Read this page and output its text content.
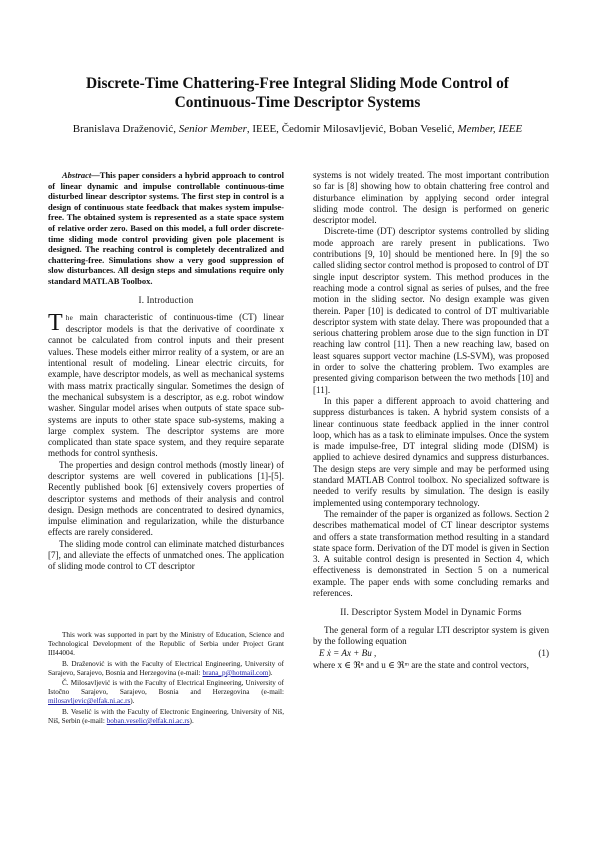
Discrete-Time Chattering-Free Integral Sliding Mode Control of Continuous-Time Descriptor Systems
Branislava Draženović, Senior Member, IEEE, Čedomir Milosavljević, Boban Veselić, Member, IEEE

Abstract—This paper considers a hybrid approach to control of linear dynamic and impulse controllable continuous-time disturbed linear descriptor systems. The first step in control is a design of continuous state feedback that makes system impulse-free. The obtained system is represented as a state space system of relative order zero. Based on this model, a full order discrete-time sliding mode control providing given pole placement is designed. The reaching control is completely decentralized and chattering-free. Simulations show a very good suppression of slow disturbances. All design steps and simulations require only standard MATLAB Toolbox.

I. Introduction

The main characteristic of continuous-time (CT) linear descriptor models is that the derivative of coordinate x cannot be calculated from control inputs and their present values. These models either mirror reality of a system, or are an intentional result of modeling. Linear electric circuits, for example, have descriptor models, as well as mechanical systems with mass matrix practically singular. Sometimes the design of the mechanical subsystem is a descriptor, as e.g. robot window washer. Singular model arises when outputs of state space sub-systems are inputs to other state space sub-systems, making a large complex system. The descriptor systems are more complicated than state space system, and they require separate methods for control synthesis.

The properties and design control methods (mostly linear) of descriptor systems are well covered in publications [1]-[5]. Recently published book [6] extensively covers properties of descriptor systems and methods of their analysis and control design. Design methods are concentrated to desired dynamics, impulse elimination and regularization, while the disturbance effects are rarely considered.

The sliding mode control can eliminate matched disturbances [7], and alleviate the effects of unmatched ones. The application of sliding mode control to CT descriptor

This work was supported in part by the Ministry of Education, Science and Technological Development of the Republic of Serbia under Project Grant III44004.

B. Draženović is with the Faculty of Electrical Engineering, University of Sarajevo, Sarajevo, Bosnia and Herzegovina (e-mail: brana_p@hotmail.com).

Č. Milosavljević is with the Faculty of Electrical Engineering, University of Istočno Sarajevo, Sarajevo, Bosnia and Herzegovina (e-mail: milosavljevic@elfak.ni.ac.rs).

B. Veselić is with the Faculty of Electronic Engineering, University of Niš, Niš, Serbin (e-mail: boban.veselic@elfak.ni.ac.rs).

systems is not widely treated. The most important contribution so far is [8] showing how to obtain chattering free control and disturbance elimination by applying second order integral sliding mode control. The design is performed on generic descriptor model.

Discrete-time (DT) descriptor systems controlled by sliding mode approach are rarely present in publications. Two contributions [9, 10] should be mentioned here. In [9] the so called sliding sector control method is proposed to control of DT single input descriptor system. This method produces in the reaching mode a control signal as series of pulses, and the free motion in the sliding sector. No design example was given therein. Paper [10] is dedicated to control of DT multivariable descriptor system with state delay. There was propounded that a serious chattering problem arose due to the sign function in DT reaching law control [11]. Then a new reaching law, based on least squares support vector machine (LS-SVM), was proposed in order to solve the chattering problem. Two examples are presented giving comparison between the two methods [10] and [11].

In this paper a different approach to avoid chattering and suppress disturbances is taken. A hybrid system consists of a linear continuous state feedback applied in the inner control loop, which has as a task to eliminate impulses. Once the system is made impulse-free, DT integral sliding mode (DISM) is applied to achieve desired dynamics and suppress disturbances. The design steps are very simple and may be performed using standard MATLAB Control toolbox. No specialized software is needed to verify results by simulation. The design is easily implemented using contemporary technology.

The remainder of the paper is organized as follows. Section 2 describes mathematical model of CT linear descriptor systems and offers a state transformation method resulting in a standard state space form. Derivation of the DT model is given in Section 3. A suitable control design is presented in Section 4, which effectiveness is demonstrated in Section 5 on a numerical example. The paper ends with some concluding remarks and references.

II. Descriptor System Model in Dynamic Forms

The general form of a regular LTI descriptor system is given by the following equation

E ẋ = Ax + Bu ,	(1)

where x ∈ ℜⁿ and u ∈ ℜᵐ are the state and control vectors,
